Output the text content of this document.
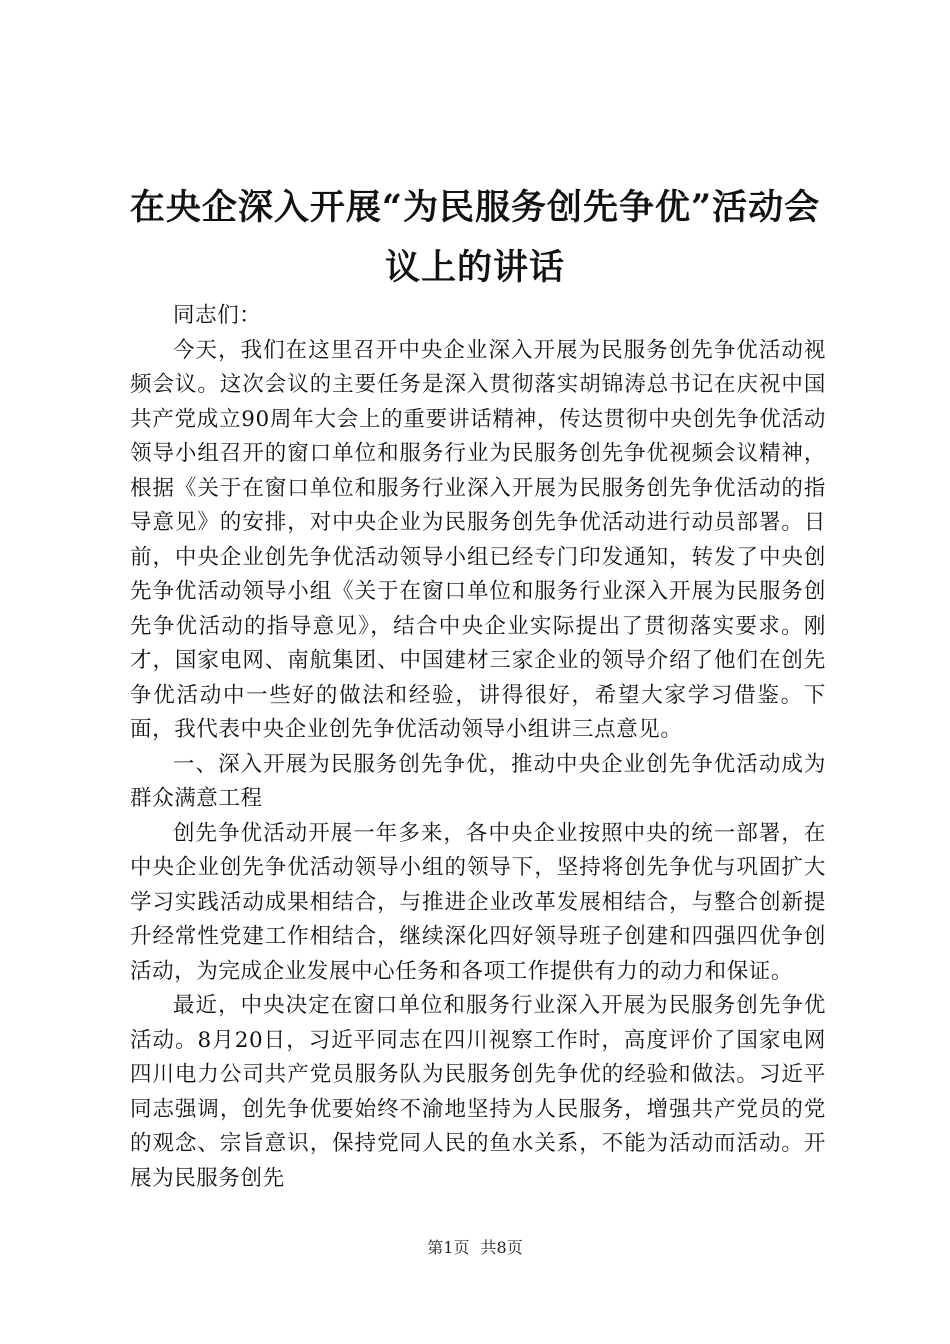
在央企深入开展“为民服务创先争优”活动会
议上的讲话

同志们：

今天，我们在这里召开中央企业深入开展为民服务创先争优活动视频会议。这次会议的主要任务是深入贯彻落实胡锦涛总书记在庆祝中国共产党成立90周年大会上的重要讲话精神，传达贯彻中央创先争优活动领导小组召开的窗口单位和服务行业为民服务创先争优视频会议精神，根据《关于在窗口单位和服务行业深入开展为民服务创先争优活动的指导意见》的安排，对中央企业为民服务创先争优活动进行动员部署。日前，中央企业创先争优活动领导小组已经专门印发通知，转发了中央创先争优活动领导小组《关于在窗口单位和服务行业深入开展为民服务创先争优活动的指导意见》，结合中央企业实际提出了贯彻落实要求。刚才，国家电网、南航集团、中国建材三家企业的领导介绍了他们在创先争优活动中一些好的做法和经验，讲得很好，希望大家学习借鉴。下面，我代表中央企业创先争优活动领导小组讲三点意见。

一、深入开展为民服务创先争优，推动中央企业创先争优活动成为群众满意工程

创先争优活动开展一年多来，各中央企业按照中央的统一部署，在中央企业创先争优活动领导小组的领导下，坚持将创先争优与巩固扩大学习实践活动成果相结合，与推进企业改革发展相结合，与整合创新提升经常性党建工作相结合，继续深化四好领导班子创建和四强四优争创活动，为完成企业发展中心任务和各项工作提供有力的动力和保证。

最近，中央决定在窗口单位和服务行业深入开展为民服务创先争优活动。8月20日，习近平同志在四川视察工作时，高度评价了国家电网四川电力公司共产党员服务队为民服务创先争优的经验和做法。习近平同志强调，创先争优要始终不渝地坚持为人民服务，增强共产党员的党的观念、宗旨意识，保持党同人民的鱼水关系，不能为活动而活动。开展为民服务创先

第1页 共8页
